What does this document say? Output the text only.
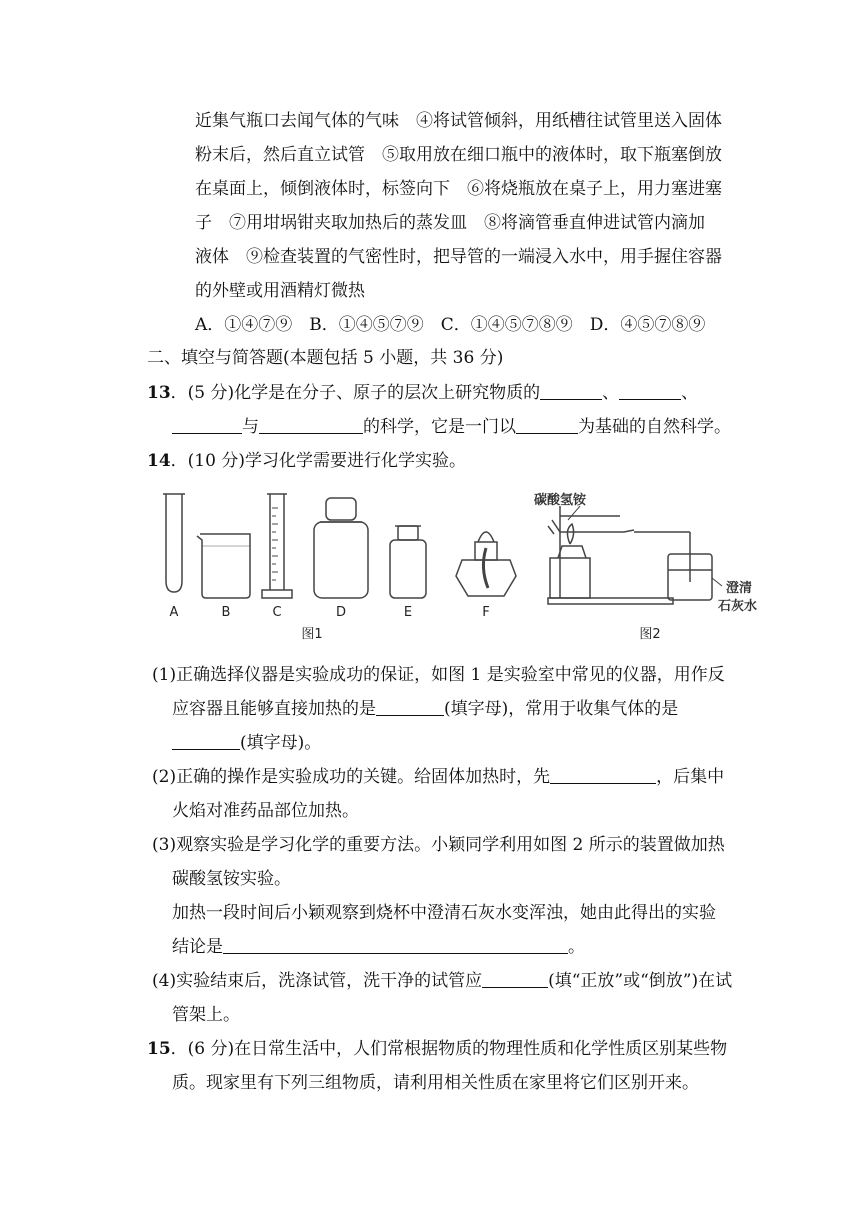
近集气瓶口去闻气体的气味　④将试管倾斜，用纸槽往试管里送入固体
粉末后，然后直立试管　⑤取用放在细口瓶中的液体时，取下瓶塞倒放
在桌面上，倾倒液体时，标签向下　⑥将烧瓶放在桌子上，用力塞进塞
子　⑦用坩埚钳夹取加热后的蒸发皿　⑧将滴管垂直伸进试管内滴加
液体　⑨检查装置的气密性时，把导管的一端浸入水中，用手握住容器
的外壁或用酒精灯微热
A．①④⑦⑨　B．①④⑤⑦⑨　C．①④⑤⑦⑧⑨　D．④⑤⑦⑧⑨
二、填空与简答题(本题包括 5 小题，共 36 分)
13．(5 分)化学是在分子、原子的层次上研究物质的	、	、
与	的科学，它是一门以	为基础的自然科学。
14．(10 分)学习化学需要进行化学实验。
A	B	C	D	E	F
图1	图2
碳酸氢铵
澄清
石灰水
(1)正确选择仪器是实验成功的保证，如图 1 是实验室中常见的仪器，用作反
应容器且能够直接加热的是	(填字母)，常用于收集气体的是
(填字母)。
(2)正确的操作是实验成功的关键。给固体加热时，先	，后集中
火焰对准药品部位加热。
(3)观察实验是学习化学的重要方法。小颖同学利用如图 2 所示的装置做加热
碳酸氢铵实验。
加热一段时间后小颖观察到烧杯中澄清石灰水变浑浊，她由此得出的实验
结论是	。
(4)实验结束后，洗涤试管，洗干净的试管应	(填“正放”或“倒放”)在试
管架上。
15．(6 分)在日常生活中，人们常根据物质的物理性质和化学性质区别某些物
质。现家里有下列三组物质，请利用相关性质在家里将它们区别开来。
